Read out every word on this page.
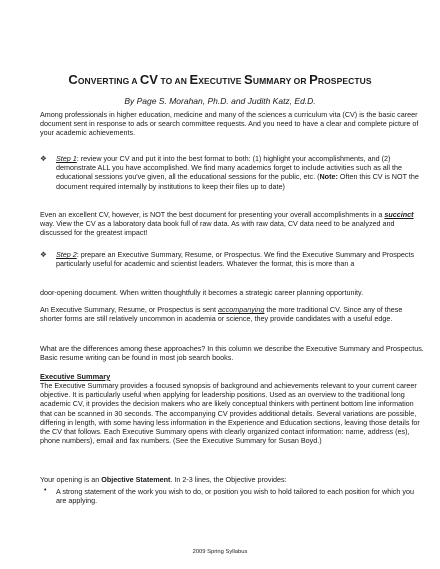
CONVERTING A CV TO AN EXECUTIVE SUMMARY OR PROSPECTUS
By Page S. Morahan, Ph.D. and Judith Katz, Ed.D.

Among professionals in higher education, medicine and many of the sciences a curriculum vita (CV) is the basic career document sent in response to ads or search committee requests. And you need to have a clear and complete picture of your academic achievements.

❖ Step 1: review your CV and put it into the best format to both: (1) highlight your accomplishments, and (2) demonstrate ALL you have accomplished. We find many academics forget to include activities such as all the educational sessions you've given, all the educational sessions for the public, etc. (Note: Often this CV is NOT the document required internally by institutions to keep their files up to date)

Even an excellent CV, however, is NOT the best document for presenting your overall accomplishments in a succinct way. View the CV as a laboratory data book full of raw data. As with raw data, CV data need to be analyzed and discussed for the greatest impact!

❖ Step 2: prepare an Executive Summary, Resume, or Prospectus. We find the Executive Summary and Prospects particularly useful for academic and scientist leaders. Whatever the format, this is more than a

door-opening document. When written thoughtfully it becomes a strategic career planning opportunity.

An Executive Summary, Resume, or Prospectus is sent accompanying the more traditional CV. Since any of these shorter forms are still relatively uncommon in academia or science, they provide candidates with a useful edge.

What are the differences among these approaches? In this column we describe the Executive Summary and Prospectus. Basic resume writing can be found in most job search books.

Executive Summary

The Executive Summary provides a focused synopsis of background and achievements relevant to your current career objective. It is particularly useful when applying for leadership positions. Used as an overview to the traditional long academic CV, it provides the decision makers who are likely conceptual thinkers with pertinent bottom line information that can be scanned in 30 seconds. The accompanying CV provides additional details. Several variations are possible, differing in length, with some having less information in the Experience and Education sections, leaving those details for the CV that follows. Each Executive Summary opens with clearly organized contact information: name, address (es), phone numbers), email and fax numbers. (See the Executive Summary for Susan Boyd.)

Your opening is an Objective Statement. In 2-3 lines, the Objective provides:

• A strong statement of the work you wish to do, or position you wish to hold tailored to each position for which you are applying.

2009 Spring Syllabus
